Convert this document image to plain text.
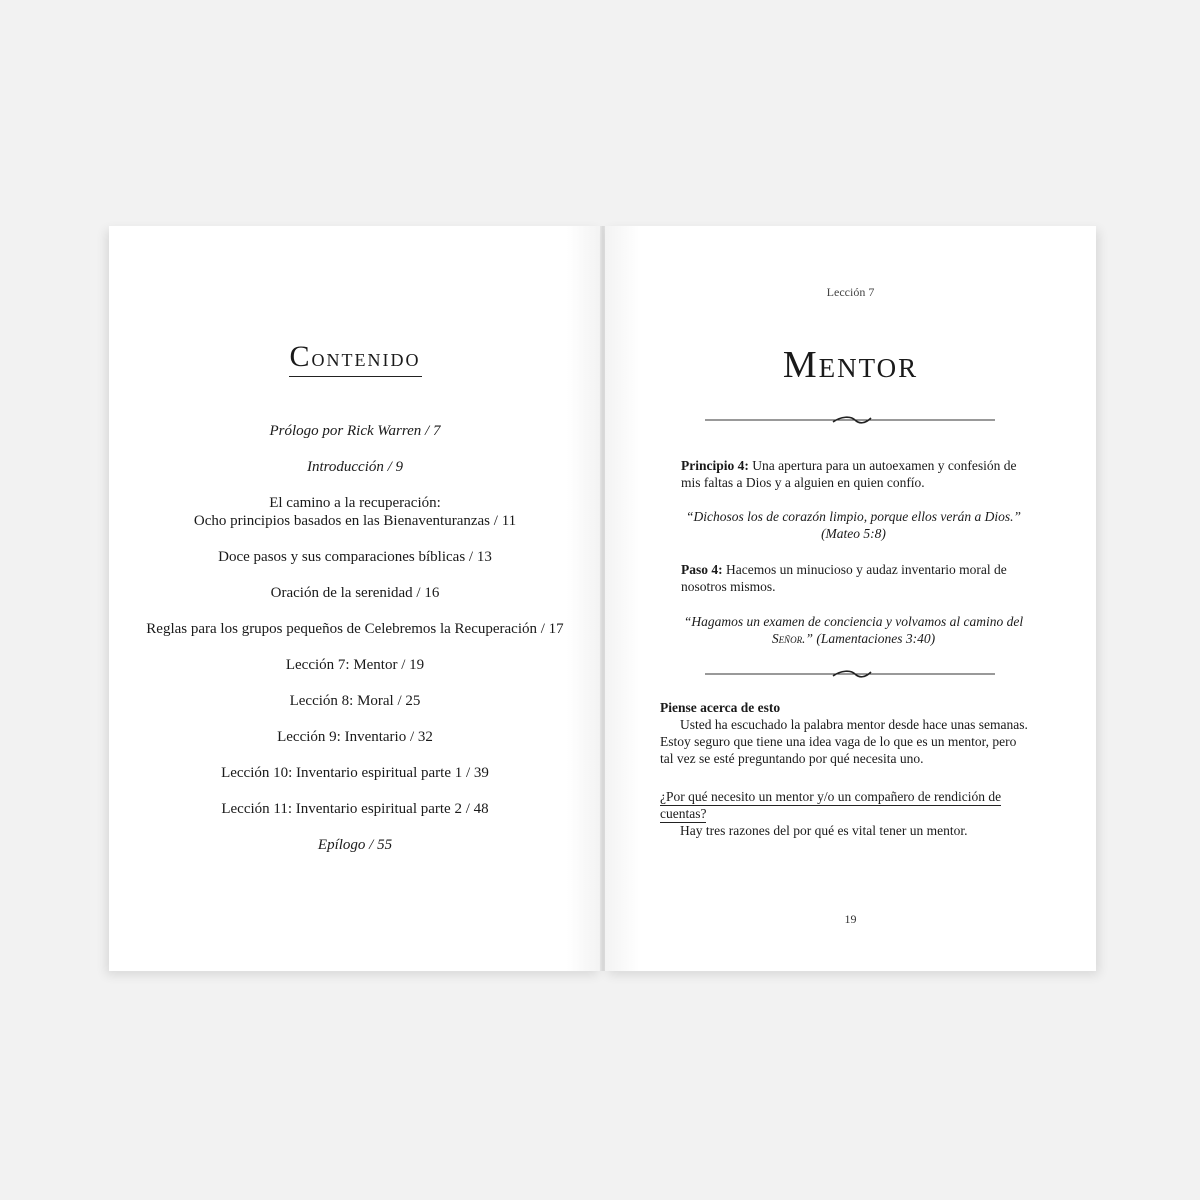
Contenido
Prólogo por Rick Warren / 7
Introducción / 9
El camino a la recuperación:
Ocho principios basados en las Bienaventuranzas / 11
Doce pasos y sus comparaciones bíblicas / 13
Oración de la serenidad / 16
Reglas para los grupos pequeños de Celebremos la Recuperación / 17
Lección 7: Mentor / 19
Lección 8: Moral / 25
Lección 9: Inventario / 32
Lección 10: Inventario espiritual parte 1 / 39
Lección 11: Inventario espiritual parte 2 / 48
Epílogo / 55
Lección 7
Mentor
Principio 4: Una apertura para un autoexamen y confesión de mis faltas a Dios y a alguien en quien confío.
“Dichosos los de corazón limpio, porque ellos verán a Dios.”
(Mateo 5:8)
Paso 4: Hacemos un minucioso y audaz inventario moral de nosotros mismos.
“Hagamos un examen de conciencia y volvamos al camino del
Señor.” (Lamentaciones 3:40)
Piense acerca de esto
Usted ha escuchado la palabra mentor desde hace unas semanas. Estoy seguro que tiene una idea vaga de lo que es un mentor, pero tal vez se esté preguntando por qué necesita uno.
¿Por qué necesito un mentor y/o un compañero de rendición de cuentas?
Hay tres razones del por qué es vital tener un mentor.
19
